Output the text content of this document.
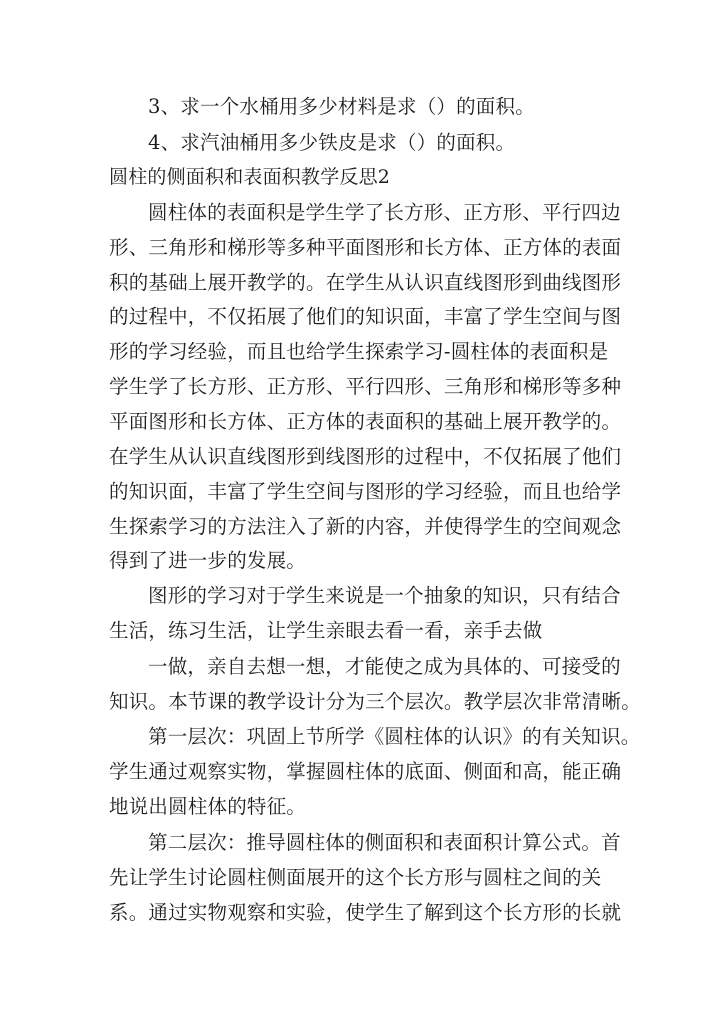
3、求一个水桶用多少材料是求（）的面积。
4、求汽油桶用多少铁皮是求（）的面积。
圆柱的侧面积和表面积教学反思2
圆柱体的表面积是学生学了长方形、正方形、平行四边
形、三角形和梯形等多种平面图形和长方体、正方体的表面
积的基础上展开教学的。在学生从认识直线图形到曲线图形
的过程中，不仅拓展了他们的知识面，丰富了学生空间与图
形的学习经验，而且也给学生探索学习-圆柱体的表面积是
学生学了长方形、正方形、平行四形、三角形和梯形等多种
平面图形和长方体、正方体的表面积的基础上展开教学的。
在学生从认识直线图形到线图形的过程中，不仅拓展了他们
的知识面，丰富了学生空间与图形的学习经验，而且也给学
生探索学习的方法注入了新的内容，并使得学生的空间观念
得到了进一步的发展。
图形的学习对于学生来说是一个抽象的知识，只有结合
生活，练习生活，让学生亲眼去看一看，亲手去做
一做，亲自去想一想，才能使之成为具体的、可接受的
知识。本节课的教学设计分为三个层次。教学层次非常清晰。
第一层次：巩固上节所学《圆柱体的认识》的有关知识。
学生通过观察实物，掌握圆柱体的底面、侧面和高，能正确
地说出圆柱体的特征。
第二层次：推导圆柱体的侧面积和表面积计算公式。首
先让学生讨论圆柱侧面展开的这个长方形与圆柱之间的关
系。通过实物观察和实验，使学生了解到这个长方形的长就
